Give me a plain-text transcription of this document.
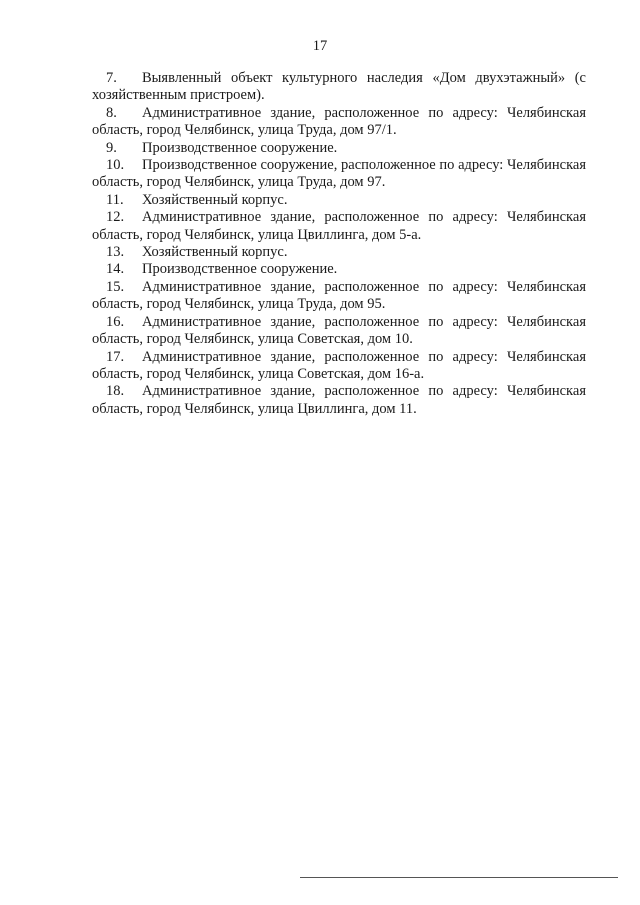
17
7. Выявленный объект культурного наследия «Дом двухэтажный» (с хозяйственным пристроем).
8. Административное здание, расположенное по адресу: Челябинская область, город Челябинск, улица Труда, дом 97/1.
9. Производственное сооружение.
10. Производственное сооружение, расположенное по адресу: Челябинская область, город Челябинск, улица Труда, дом 97.
11. Хозяйственный корпус.
12. Административное здание, расположенное по адресу: Челябинская область, город Челябинск, улица Цвиллинга, дом 5-а.
13. Хозяйственный корпус.
14. Производственное сооружение.
15. Административное здание, расположенное по адресу: Челябинская область, город Челябинск, улица Труда, дом 95.
16. Административное здание, расположенное по адресу: Челябинская область, город Челябинск, улица Советская, дом 10.
17. Административное здание, расположенное по адресу: Челябинская область, город Челябинск, улица Советская, дом 16-а.
18. Административное здание, расположенное по адресу: Челябинская область, город Челябинск, улица Цвиллинга, дом 11.
